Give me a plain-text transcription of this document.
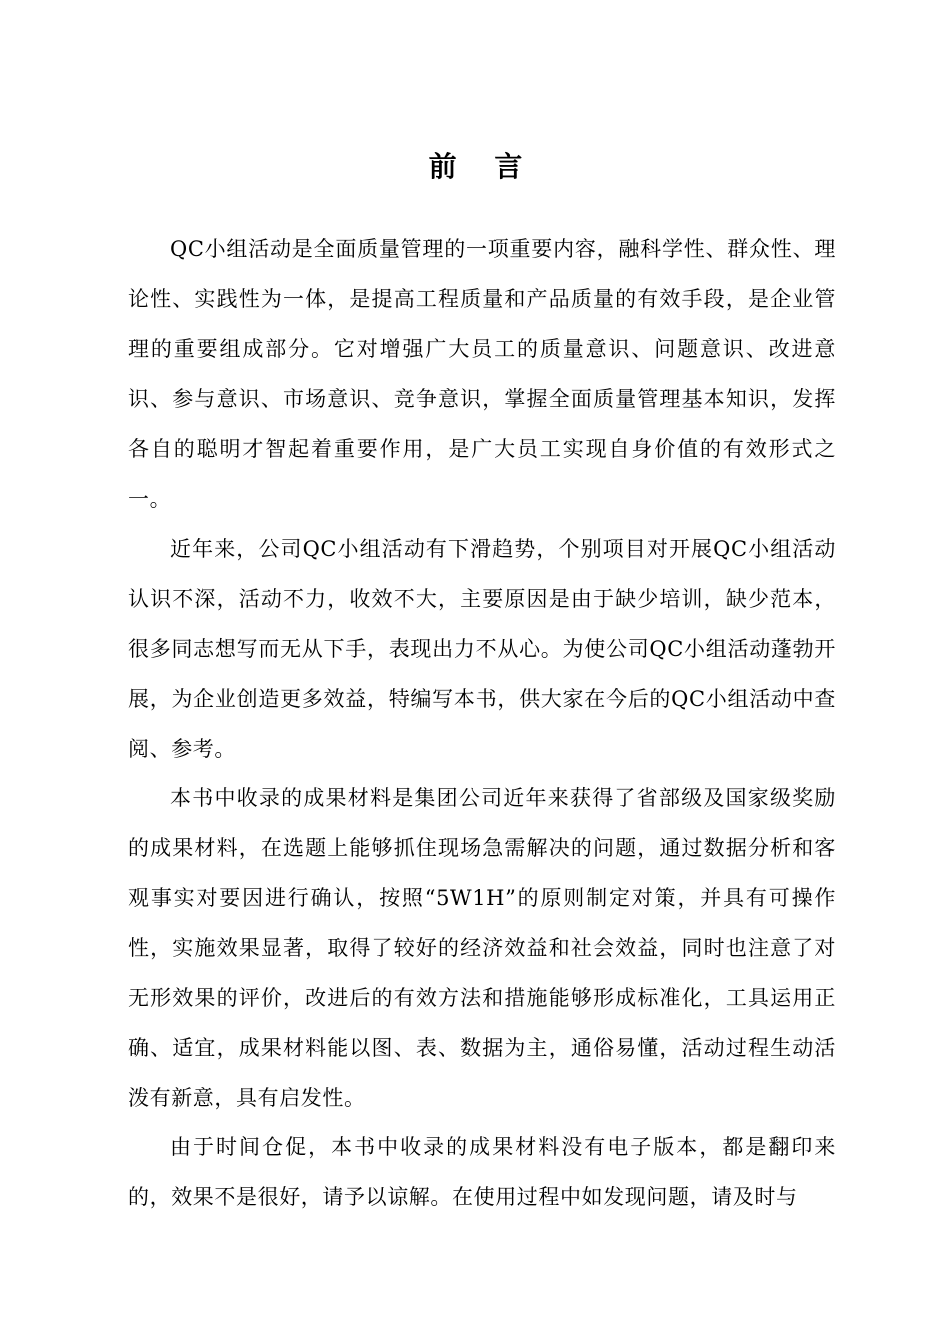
前 言

QC小组活动是全面质量管理的一项重要内容，融科学性、群众性、理论性、实践性为一体，是提高工程质量和产品质量的有效手段，是企业管理的重要组成部分。它对增强广大员工的质量意识、问题意识、改进意识、参与意识、市场意识、竞争意识，掌握全面质量管理基本知识，发挥各自的聪明才智起着重要作用，是广大员工实现自身价值的有效形式之一。

近年来，公司QC小组活动有下滑趋势，个别项目对开展QC小组活动认识不深，活动不力，收效不大，主要原因是由于缺少培训，缺少范本，很多同志想写而无从下手，表现出力不从心。为使公司QC小组活动蓬勃开展，为企业创造更多效益，特编写本书，供大家在今后的QC小组活动中查阅、参考。

本书中收录的成果材料是集团公司近年来获得了省部级及国家级奖励的成果材料，在选题上能够抓住现场急需解决的问题，通过数据分析和客观事实对要因进行确认，按照“5W1H”的原则制定对策，并具有可操作性，实施效果显著，取得了较好的经济效益和社会效益，同时也注意了对无形效果的评价，改进后的有效方法和措施能够形成标准化，工具运用正确、适宜，成果材料能以图、表、数据为主，通俗易懂，活动过程生动活泼有新意，具有启发性。

由于时间仓促，本书中收录的成果材料没有电子版本，都是翻印来的，效果不是很好，请予以谅解。在使用过程中如发现问题，请及时与
